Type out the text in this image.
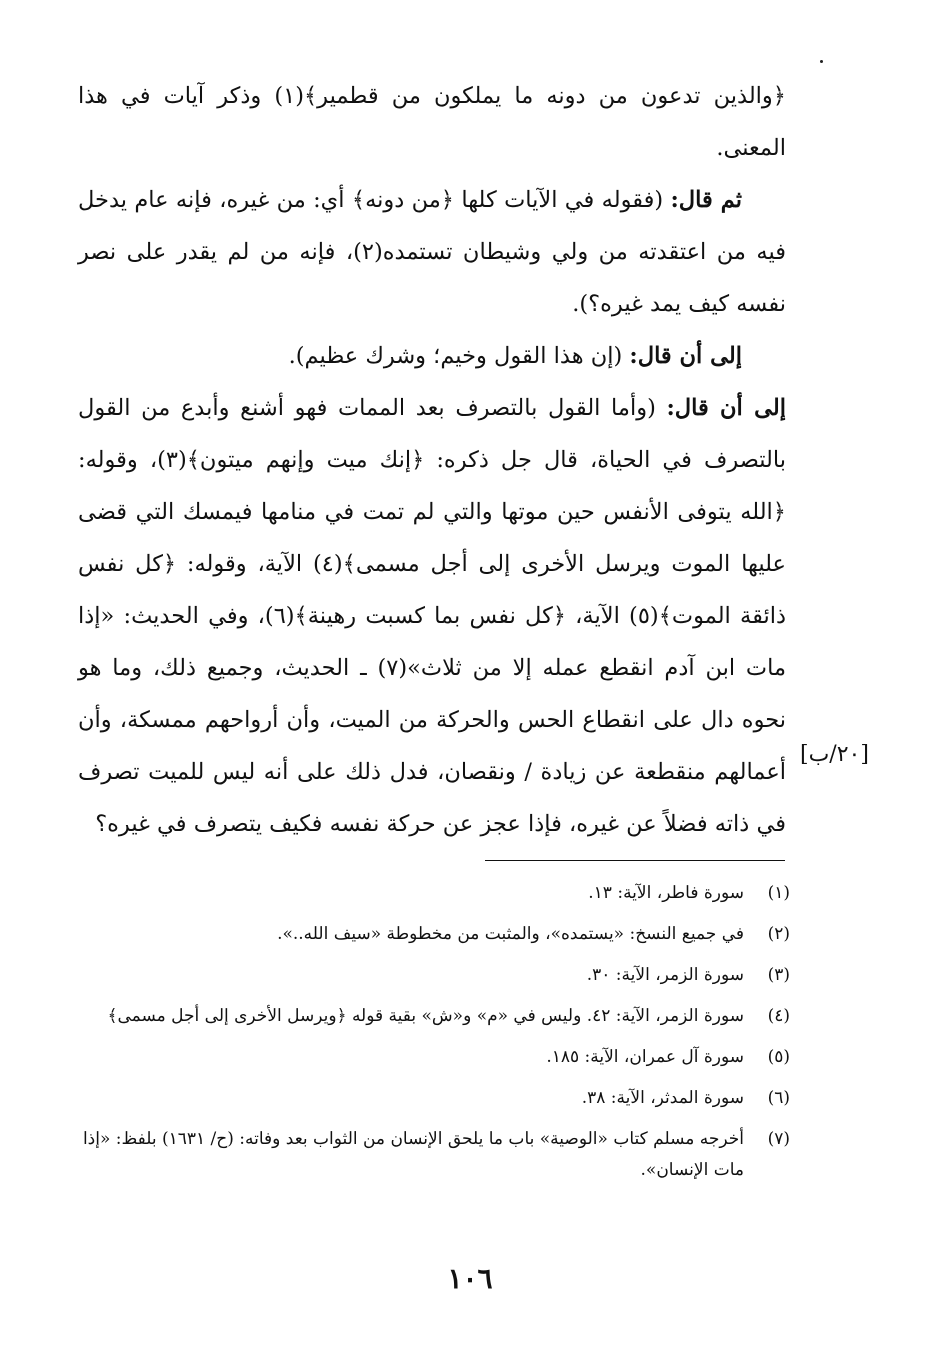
﴿والذين تدعون من دونه ما يملكون من قطمير﴾(١) وذكر آيات في هذا المعنى.

ثم قال: (فقوله في الآيات كلها ﴿من دونه﴾ أي: من غيره، فإنه عام يدخل فيه من اعتقدته من ولي وشيطان تستمده(٢)، فإنه من لم يقدر على نصر نفسه كيف يمد غيره؟).

إلى أن قال: (إن هذا القول وخيم؛ وشرك عظيم).

إلى أن قال: (وأما القول بالتصرف بعد الممات فهو أشنع وأبدع من القول بالتصرف في الحياة، قال جل ذكره: ﴿إنك ميت وإنهم ميتون﴾(٣)، وقوله: ﴿الله يتوفى الأنفس حين موتها والتي لم تمت في منامها فيمسك التي قضى عليها الموت ويرسل الأخرى إلى أجل مسمى﴾(٤) الآية، وقوله: ﴿كل نفس ذائقة الموت﴾(٥) الآية، ﴿كل نفس بما كسبت رهينة﴾(٦)، وفي الحديث: «إذا مات ابن آدم انقطع عمله إلا من ثلاث»(٧) ـ الحديث، وجميع ذلك، وما هو نحوه دال على انقطاع الحس والحركة من الميت، وأن أرواحهم ممسكة، وأن أعمالهم منقطعة عن زيادة / ونقصان، فدل ذلك على أنه ليس للميت تصرف في ذاته فضلاً عن غيره، فإذا عجز عن حركة نفسه فكيف يتصرف في غيره؟

[٢٠/ب]
(١)
سورة فاطر، الآية: ١٣.
(٢)
في جميع النسخ: «يستمده»، والمثبت من مخطوطة «سيف الله..».
(٣)
سورة الزمر، الآية: ٣٠.
(٤)
سورة الزمر، الآية: ٤٢. وليس في «م» و«ش» بقية قوله ﴿ويرسل الأخرى إلى أجل مسمى﴾
(٥)
سورة آل عمران، الآية: ١٨٥.
(٦)
سورة المدثر، الآية: ٣٨.
(٧)
أخرجه مسلم كتاب «الوصية» باب ما يلحق الإنسان من الثواب بعد وفاته: (ح/ ١٦٣١) بلفظ: «إذا مات الإنسان».
١٠٦
